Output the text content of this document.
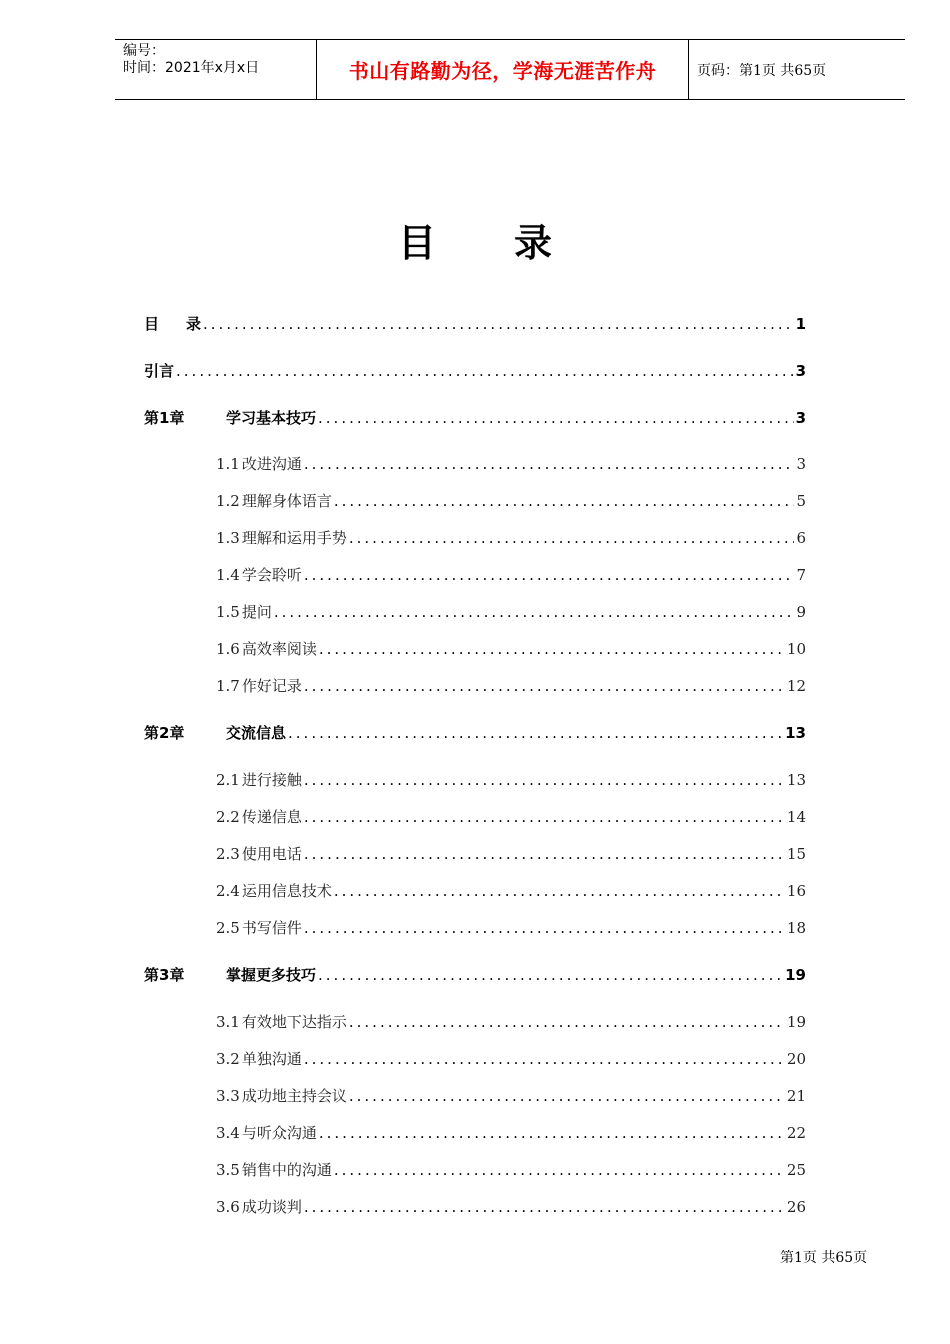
编号：
时间：2021年x月x日	书山有路勤为径，学海无涯苦作舟	页码：第1页 共65页
目 录
目	录 .....	1
引言 .....	3
第1章	学习基本技巧 .....	3
1.1 改进沟通 .....	3
1.2 理解身体语言 .....	5
1.3 理解和运用手势 .....	6
1.4 学会聆听 .....	7
1.5 提问 .....	9
1.6 高效率阅读 .....	10
1.7 作好记录 .....	12
第2章	交流信息 .....	13
2.1 进行接触 .....	13
2.2 传递信息 .....	14
2.3 使用电话 .....	15
2.4 运用信息技术 .....	16
2.5 书写信件 .....	18
第3章	掌握更多技巧 .....	19
3.1 有效地下达指示 .....	19
3.2 单独沟通 .....	20
3.3 成功地主持会议 .....	21
3.4 与听众沟通 .....	22
3.5 销售中的沟通 .....	25
3.6 成功谈判 .....	26
第1页 共65页
